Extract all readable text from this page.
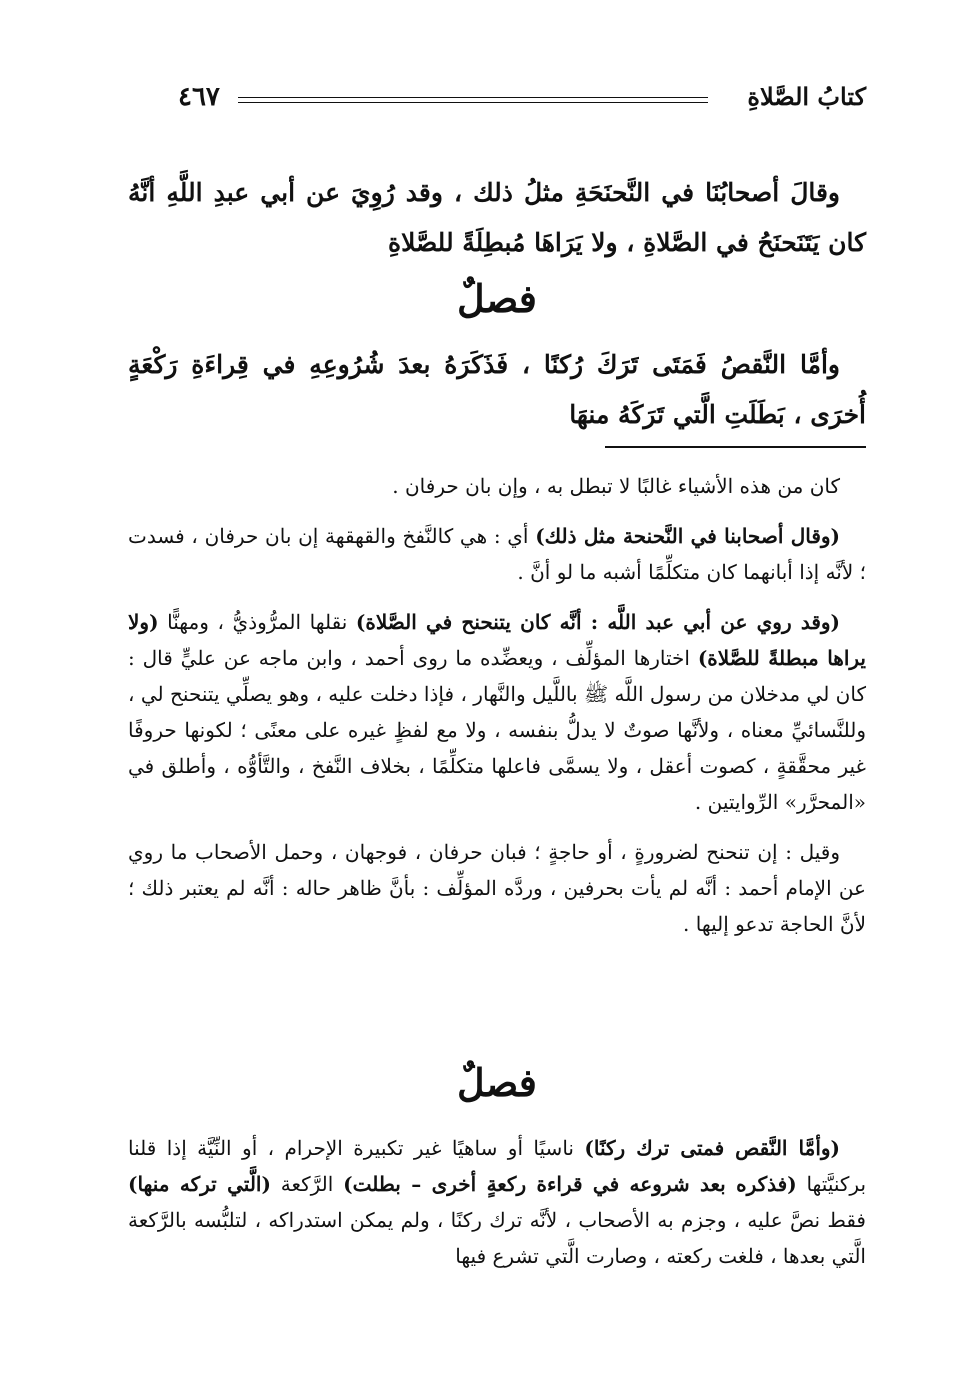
كتابُ الصَّلاةِ
٤٦٧

وقالَ أصحابُنَا في النَّحنَحَةِ مثلُ ذلك ، وقد رُوِيَ عن أبي عبدِ اللَّهِ أنَّهُ كان يَتَنَحنَحُ في الصَّلاةِ ، ولا يَرَاهَا مُبطِلَةً للصَّلاةِ

فصلٌ

وأمَّا النَّقصُ فَمَتَى تَرَكَ رُكنًا ، فَذَكَرَهُ بعدَ شُرُوعِهِ في قِراءَةِ رَكْعَةٍ أُخرَى ، بَطَلَتِ الَّتي تَرَكَهُ منهَا

كان من هذه الأشياء غالبًا لا تبطل به ، وإن بان حرفان .

(وقال أصحابنا في النَّحنحة مثل ذلك) أي : هي كالنَّفخ والقهقهة إن بان حرفان ، فسدت ؛ لأنَّه إذا أبانهما كان متكلِّمًا أشبه ما لو أنَّ .

(وقد روي عن أبي عبد اللَّه : أنَّه كان يتنحنح في الصَّلاة) نقلها المرُّوذيُّ ، ومهنًّا (ولا يراها مبطلةً للصَّلاة) اختارها المؤلِّف ، ويعضِّده ما روى أحمد ، وابن ماجه عن عليٍّ قال : كان لي مدخلان من رسول اللَّه ﷺ باللَّيل والنَّهار ، فإذا دخلت عليه ، وهو يصلِّي يتنحنح لي ، وللنَّسائيِّ معناه ، ولأنَّها صوتٌ لا يدلُّ بنفسه ، ولا مع لفظٍ غيره على معنًى ؛ لكونها حروفًا غير محقَّقةٍ ، كصوت أعقل ، ولا يسمَّى فاعلها متكلِّمًا ، بخلاف النَّفخ ، والتَّأوُّه ، وأطلق في «المحرَّر» الرِّوايتين .

وقيل : إن تنحنح لضرورةٍ ، أو حاجةٍ ؛ فبان حرفان ، فوجهان ، وحمل الأصحاب ما روي عن الإمام أحمد : أنَّه لم يأت بحرفين ، وردَّه المؤلِّف : بأنَّ ظاهر حاله : أنَّه لم يعتبر ذلك ؛ لأنَّ الحاجة تدعو إليها .

فصلٌ

(وأمَّا النَّقص فمتى ترك ركنًا) ناسيًا أو ساهيًا غير تكبيرة الإحرام ، أو النِّيَّة إذا قلنا بركنيَّتها (فذكره بعد شروعه في قراءة ركعةٍ أخرى – بطلت) الرَّكعة (الَّتي تركه منها) فقط نصَّ عليه ، وجزم به الأصحاب ، لأنَّه ترك ركنًا ، ولم يمكن استدراكه ، لتلبُّسه بالرَّكعة الَّتي بعدها ، فلغت ركعته ، وصارت الَّتي تشرع فيها
